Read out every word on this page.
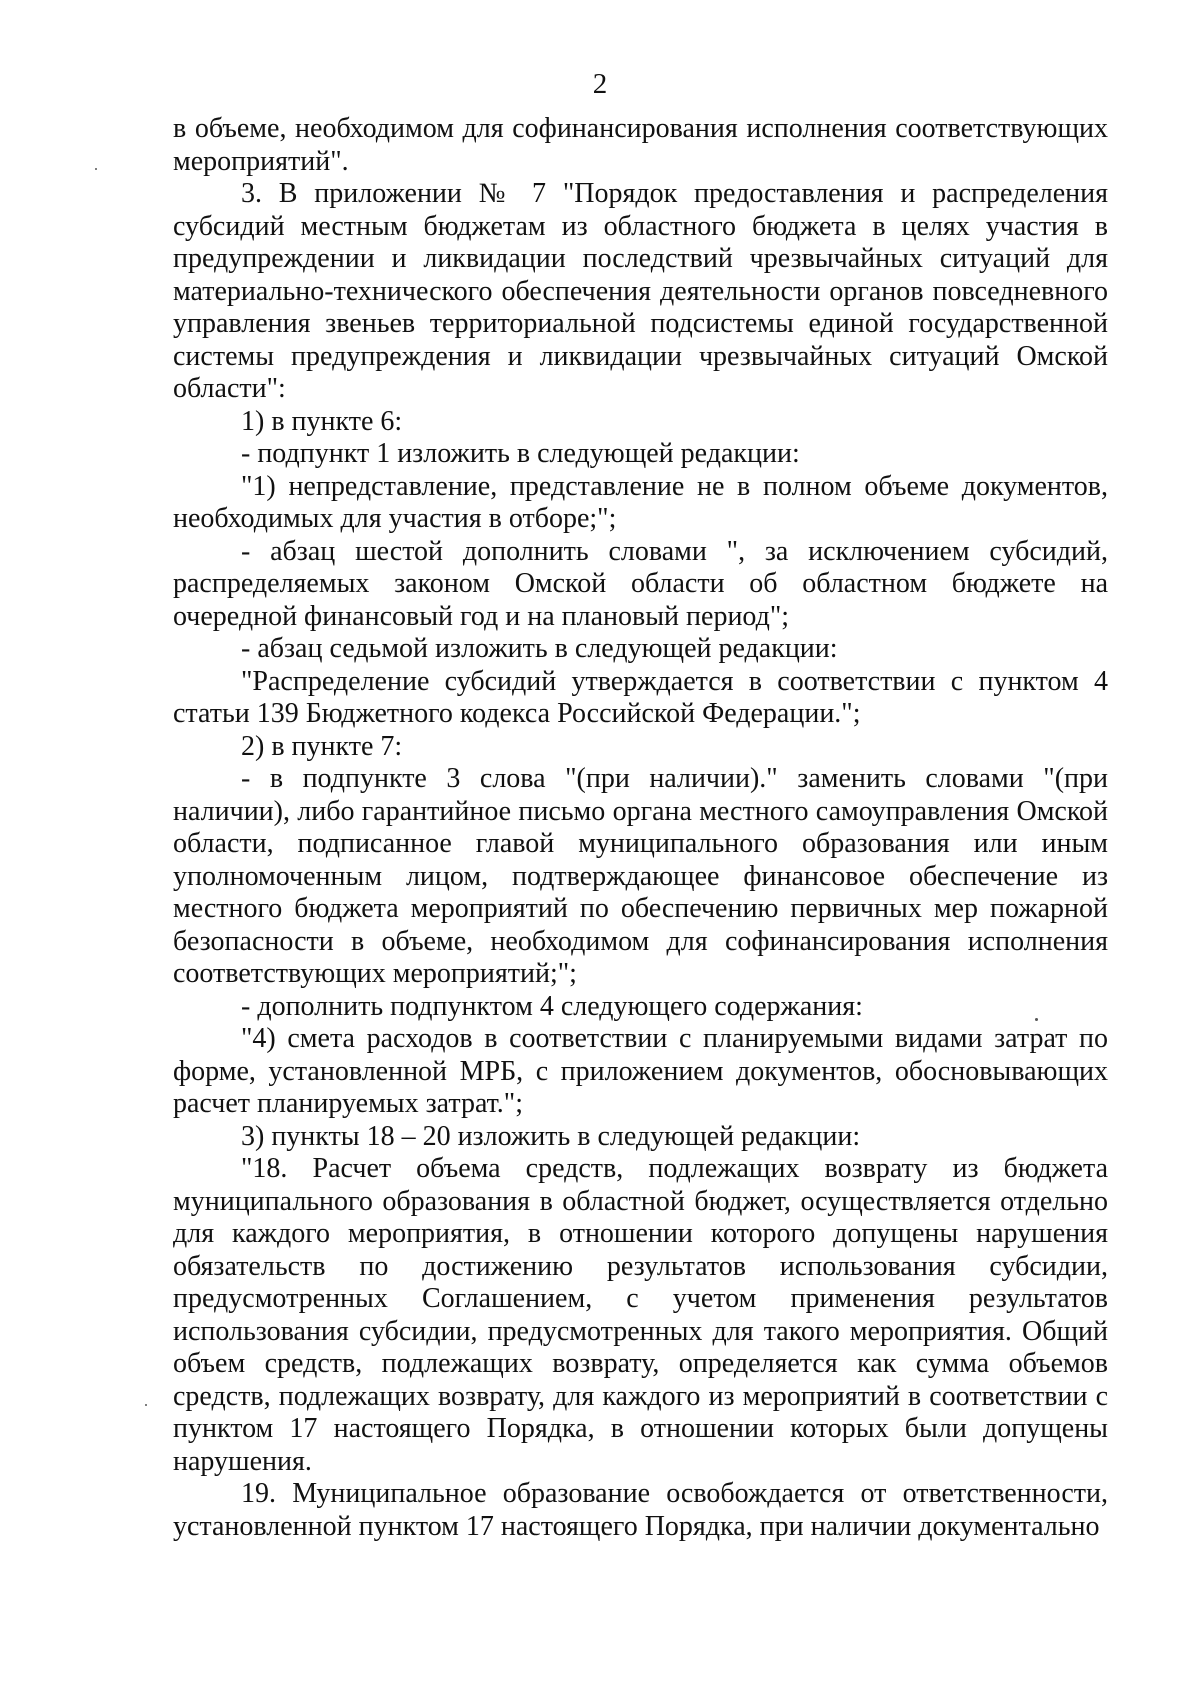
2

в объеме, необходимом для софинансирования исполнения соответствующих мероприятий".

3. В приложении № 7 "Порядок предоставления и распределения субсидий местным бюджетам из областного бюджета в целях участия в предупреждении и ликвидации последствий чрезвычайных ситуаций для материально-технического обеспечения деятельности органов повседневного управления звеньев территориальной подсистемы единой государственной системы предупреждения и ликвидации чрезвычайных ситуаций Омской области":

1) в пункте 6:

- подпункт 1 изложить в следующей редакции:

"1) непредставление, представление не в полном объеме документов, необходимых для участия в отборе;";

- абзац шестой дополнить словами ", за исключением субсидий, распределяемых законом Омской области об областном бюджете на очередной финансовый год и на плановый период";

- абзац седьмой изложить в следующей редакции:

"Распределение субсидий утверждается в соответствии с пунктом 4 статьи 139 Бюджетного кодекса Российской Федерации.";

2) в пункте 7:

- в подпункте 3 слова "(при наличии)." заменить словами "(при наличии), либо гарантийное письмо органа местного самоуправления Омской области, подписанное главой муниципального образования или иным уполномоченным лицом, подтверждающее финансовое обеспечение из местного бюджета мероприятий по обеспечению первичных мер пожарной безопасности в объеме, необходимом для софинансирования исполнения соответствующих мероприятий;";

- дополнить подпунктом 4 следующего содержания:

"4) смета расходов в соответствии с планируемыми видами затрат по форме, установленной МРБ, с приложением документов, обосновывающих расчет планируемых затрат.";

3) пункты 18 – 20 изложить в следующей редакции:

"18. Расчет объема средств, подлежащих возврату из бюджета муниципального образования в областной бюджет, осуществляется отдельно для каждого мероприятия, в отношении которого допущены нарушения обязательств по достижению результатов использования субсидии, предусмотренных Соглашением, с учетом применения результатов использования субсидии, предусмотренных для такого мероприятия. Общий объем средств, подлежащих возврату, определяется как сумма объемов средств, подлежащих возврату, для каждого из мероприятий в соответствии с пунктом 17 настоящего Порядка, в отношении которых были допущены нарушения.

19. Муниципальное образование освобождается от ответственности, установленной пунктом 17 настоящего Порядка, при наличии документально
